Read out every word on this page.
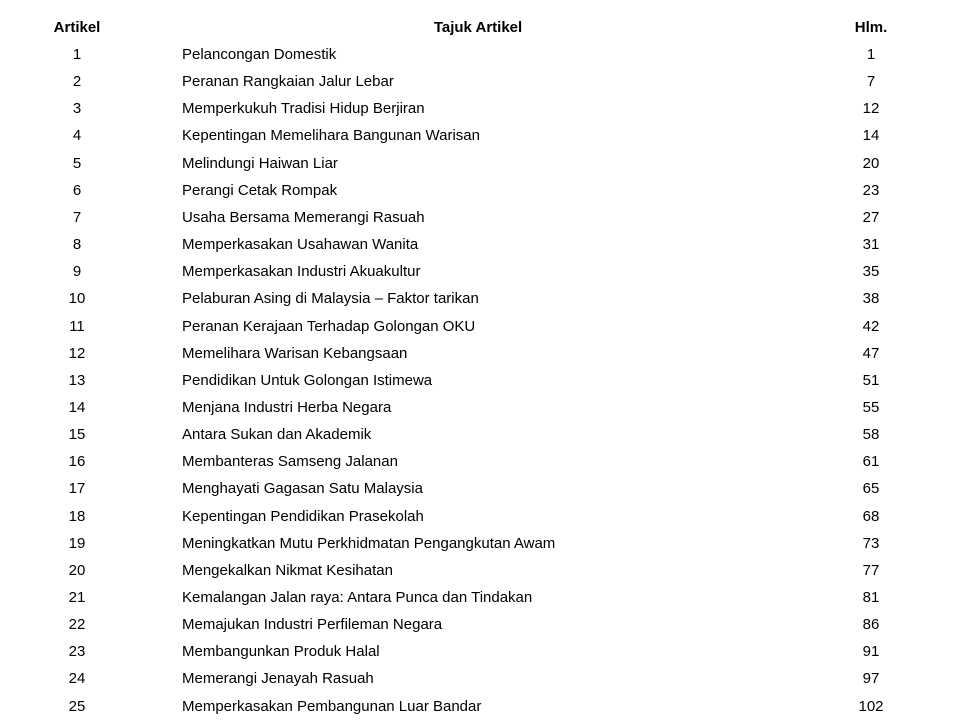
Artikel	Tajuk Artikel	Hlm.
1	Pelancongan Domestik	1
2	Peranan Rangkaian Jalur Lebar	7
3	Memperkukuh Tradisi Hidup Berjiran	12
4	Kepentingan Memelihara Bangunan Warisan	14
5	Melindungi Haiwan Liar	20
6	Perangi Cetak Rompak	23
7	Usaha Bersama Memerangi Rasuah	27
8	Memperkasakan Usahawan Wanita	31
9	Memperkasakan Industri Akuakultur	35
10	Pelaburan Asing di Malaysia – Faktor tarikan	38
11	Peranan Kerajaan Terhadap Golongan OKU	42
12	Memelihara Warisan Kebangsaan	47
13	Pendidikan Untuk Golongan Istimewa	51
14	Menjana Industri Herba Negara	55
15	Antara Sukan dan Akademik	58
16	Membanteras Samseng Jalanan	61
17	Menghayati Gagasan Satu Malaysia	65
18	Kepentingan Pendidikan Prasekolah	68
19	Meningkatkan Mutu Perkhidmatan Pengangkutan Awam	73
20	Mengekalkan Nikmat Kesihatan	77
21	Kemalangan Jalan raya: Antara Punca dan Tindakan	81
22	Memajukan Industri Perfileman Negara	86
23	Membangunkan Produk Halal	91
24	Memerangi Jenayah Rasuah	97
25	Memperkasakan Pembangunan Luar Bandar	102
